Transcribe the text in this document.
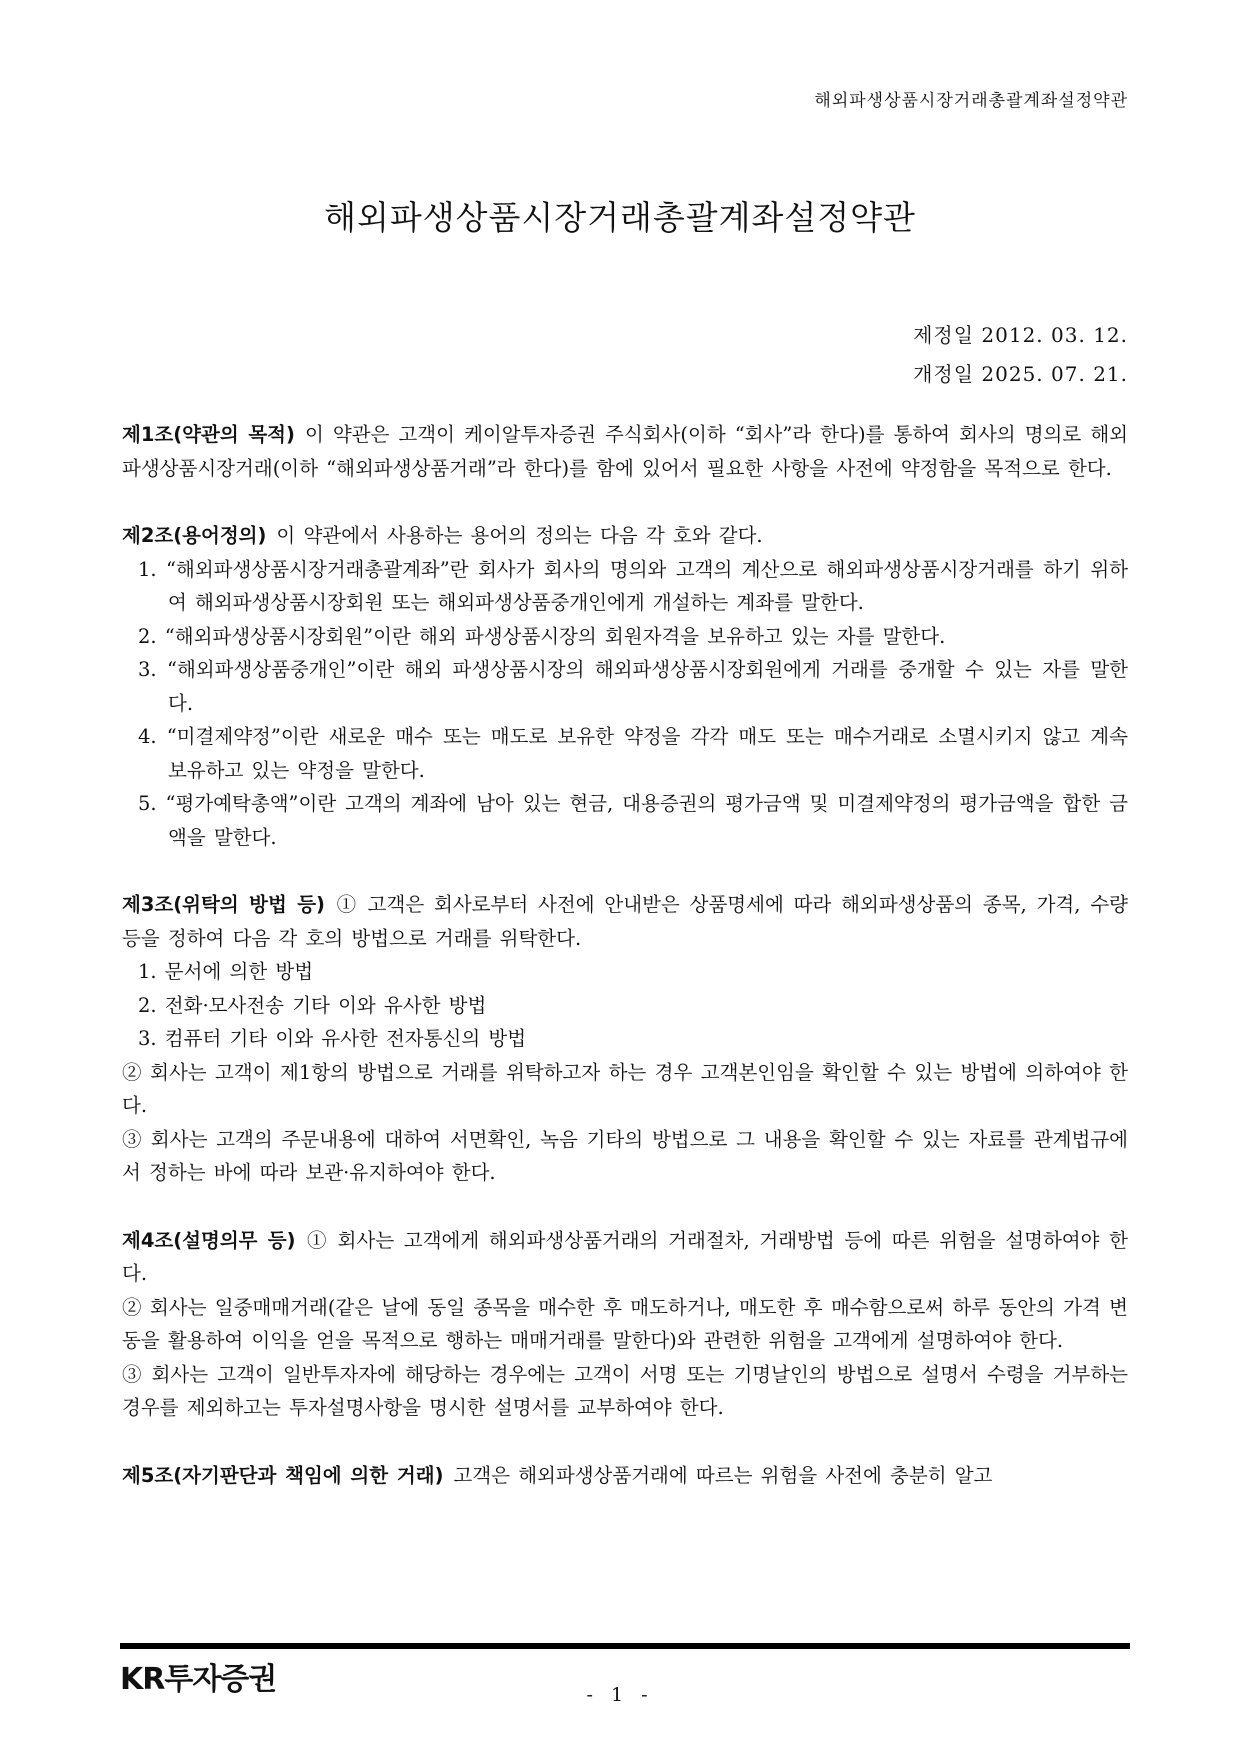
해외파생상품시장거래총괄계좌설정약관
해외파생상품시장거래총괄계좌설정약관
제정일 2012. 03. 12.
개정일 2025. 07. 21.

제1조(약관의 목적) 이 약관은 고객이 케이알투자증권 주식회사(이하 “회사”라 한다)를 통하여 회사의 명의로 해외파생상품시장거래(이하 “해외파생상품거래”라 한다)를 함에 있어서 필요한 사항을 사전에 약정함을 목적으로 한다.

제2조(용어정의) 이 약관에서 사용하는 용어의 정의는 다음 각 호와 같다.

1. “해외파생상품시장거래총괄계좌”란 회사가 회사의 명의와 고객의 계산으로 해외파생상품시장거래를 하기 위하여 해외파생상품시장회원 또는 해외파생상품중개인에게 개설하는 계좌를 말한다.
2. “해외파생상품시장회원”이란 해외 파생상품시장의 회원자격을 보유하고 있는 자를 말한다.
3. “해외파생상품중개인”이란 해외 파생상품시장의 해외파생상품시장회원에게 거래를 중개할 수 있는 자를 말한다.
4. “미결제약정”이란 새로운 매수 또는 매도로 보유한 약정을 각각 매도 또는 매수거래로 소멸시키지 않고 계속 보유하고 있는 약정을 말한다.
5. “평가예탁총액”이란 고객의 계좌에 남아 있는 현금, 대용증권의 평가금액 및 미결제약정의 평가금액을 합한 금액을 말한다.

제3조(위탁의 방법 등) ① 고객은 회사로부터 사전에 안내받은 상품명세에 따라 해외파생상품의 종목, 가격, 수량 등을 정하여 다음 각 호의 방법으로 거래를 위탁한다.

1. 문서에 의한 방법
2. 전화·모사전송 기타 이와 유사한 방법
3. 컴퓨터 기타 이와 유사한 전자통신의 방법

② 회사는 고객이 제1항의 방법으로 거래를 위탁하고자 하는 경우 고객본인임을 확인할 수 있는 방법에 의하여야 한다.

③ 회사는 고객의 주문내용에 대하여 서면확인, 녹음 기타의 방법으로 그 내용을 확인할 수 있는 자료를 관계법규에서 정하는 바에 따라 보관·유지하여야 한다.

제4조(설명의무 등) ① 회사는 고객에게 해외파생상품거래의 거래절차, 거래방법 등에 따른 위험을 설명하여야 한다.

② 회사는 일중매매거래(같은 날에 동일 종목을 매수한 후 매도하거나, 매도한 후 매수함으로써 하루 동안의 가격 변동을 활용하여 이익을 얻을 목적으로 행하는 매매거래를 말한다)와 관련한 위험을 고객에게 설명하여야 한다.

③ 회사는 고객이 일반투자자에 해당하는 경우에는 고객이 서명 또는 기명날인의 방법으로 설명서 수령을 거부하는 경우를 제외하고는 투자설명사항을 명시한 설명서를 교부하여야 한다.

제5조(자기판단과 책임에 의한 거래) 고객은 해외파생상품거래에 따르는 위험을 사전에 충분히 알고

KR투자증권	- 1 -
